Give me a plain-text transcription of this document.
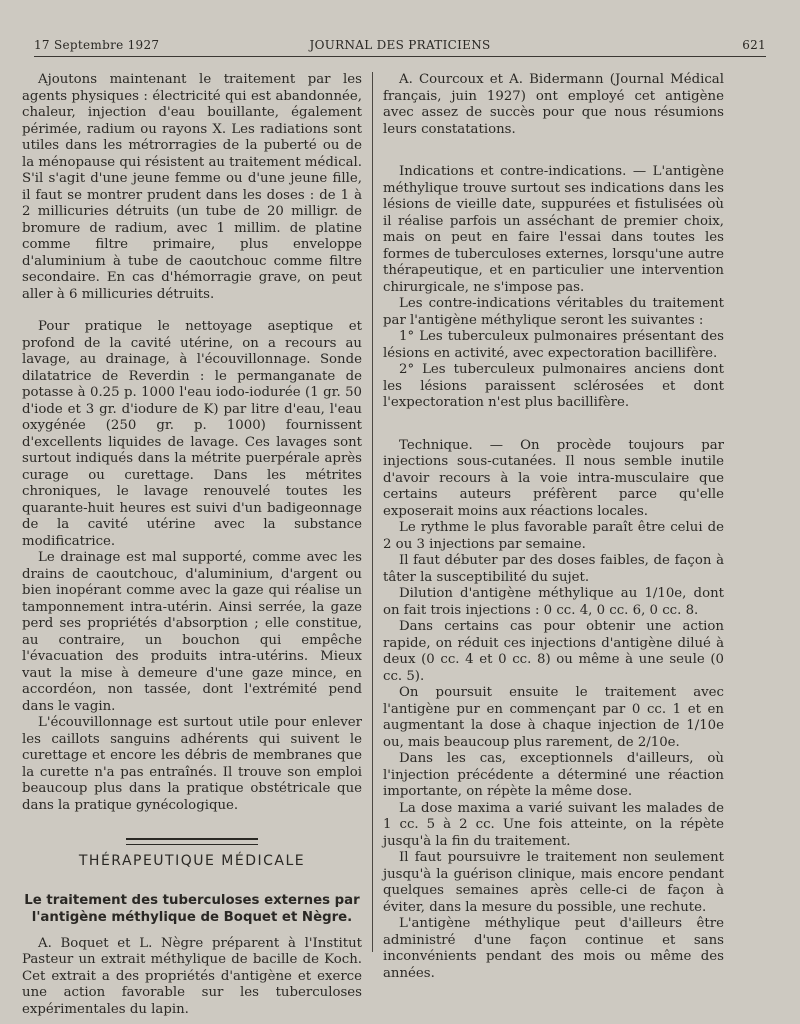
17 Septembre 1927	JOURNAL DES PRATICIENS	621

Ajoutons maintenant le traitement par les agents physiques : électricité qui est abandonnée, chaleur, injection d'eau bouillante, également périmée, radium ou rayons X. Les radiations sont utiles dans les métrorragies de la puberté ou de la ménopause qui résistent au traitement médical. S'il s'agit d'une jeune femme ou d'une jeune fille, il faut se montrer prudent dans les doses : de 1 à 2 millicuries détruits (un tube de 20 milligr. de bromure de radium, avec 1 millim. de platine comme filtre primaire, plus enveloppe d'aluminium à tube de caoutchouc comme filtre secondaire. En cas d'hémorragie grave, on peut aller à 6 millicuries détruits.

Pour pratique le nettoyage aseptique et profond de la cavité utérine, on a recours au lavage, au drainage, à l'écouvillonnage. Sonde dilatatrice de Reverdin : le permanganate de potasse à 0.25 p. 1000 l'eau iodo-iodurée (1 gr. 50 d'iode et 3 gr. d'iodure de K) par litre d'eau, l'eau oxygénée (250 gr. p. 1000) fournissent d'excellents liquides de lavage. Ces lavages sont surtout indiqués dans la métrite puerpérale après curage ou curettage. Dans les métrites chroniques, le lavage renouvelé toutes les quarante-huit heures est suivi d'un badigeonnage de la cavité utérine avec la substance modificatrice.

Le drainage est mal supporté, comme avec les drains de caoutchouc, d'aluminium, d'argent ou bien inopérant comme avec la gaze qui réalise un tamponnement intra-utérin. Ainsi serrée, la gaze perd ses propriétés d'absorption ; elle constitue, au contraire, un bouchon qui empêche l'évacuation des produits intra-utérins. Mieux vaut la mise à demeure d'une gaze mince, en accordéon, non tassée, dont l'extrémité pend dans le vagin.

L'écouvillonnage est surtout utile pour enlever les caillots sanguins adhérents qui suivent le curettage et encore les débris de membranes que la curette n'a pas entraînés. Il trouve son emploi beaucoup plus dans la pratique obstétricale que dans la pratique gynécologique.

THÉRAPEUTIQUE MÉDICALE
Le traitement des tuberculoses externes par l'antigène méthylique de Boquet et Nègre.

A. Boquet et L. Nègre préparent à l'Institut Pasteur un extrait méthylique de bacille de Koch. Cet extrait a des propriétés d'antigène et exerce une action favorable sur les tuberculoses expérimentales du lapin.

A. Courcoux et A. Bidermann (Journal Médical français, juin 1927) ont employé cet antigène avec assez de succès pour que nous résumions leurs constatations.

Indications et contre-indications. — L'antigène méthylique trouve surtout ses indications dans les lésions de vieille date, suppurées et fistulisées où il réalise parfois un asséchant de premier choix, mais on peut en faire l'essai dans toutes les formes de tuberculoses externes, lorsqu'une autre thérapeutique, et en particulier une intervention chirurgicale, ne s'impose pas.

Les contre-indications véritables du traitement par l'antigène méthylique seront les suivantes :

1° Les tuberculeux pulmonaires présentant des lésions en activité, avec expectoration bacillifère.

2° Les tuberculeux pulmonaires anciens dont les lésions paraissent sclérosées et dont l'expectoration n'est plus bacillifère.

Technique. — On procède toujours par injections sous-cutanées. Il nous semble inutile d'avoir recours à la voie intra-musculaire que certains auteurs préfèrent parce qu'elle exposerait moins aux réactions locales.

Le rythme le plus favorable paraît être celui de 2 ou 3 injections par semaine.

Il faut débuter par des doses faibles, de façon à tâter la susceptibilité du sujet.

Dilution d'antigène méthylique au 1/10e, dont on fait trois injections : 0 cc. 4, 0 cc. 6, 0 cc. 8.

Dans certains cas pour obtenir une action rapide, on réduit ces injections d'antigène dilué à deux (0 cc. 4 et 0 cc. 8) ou même à une seule (0 cc. 5).

On poursuit ensuite le traitement avec l'antigène pur en commençant par 0 cc. 1 et en augmentant la dose à chaque injection de 1/10e ou, mais beaucoup plus rarement, de 2/10e.

Dans les cas, exceptionnels d'ailleurs, où l'injection précédente a déterminé une réaction importante, on répète la même dose.

La dose maxima a varié suivant les malades de 1 cc. 5 à 2 cc. Une fois atteinte, on la répète jusqu'à la fin du traitement.

Il faut poursuivre le traitement non seulement jusqu'à la guérison clinique, mais encore pendant quelques semaines après celle-ci de façon à éviter, dans la mesure du possible, une rechute.

L'antigène méthylique peut d'ailleurs être administré d'une façon continue et sans inconvénients pendant des mois ou même des années.
